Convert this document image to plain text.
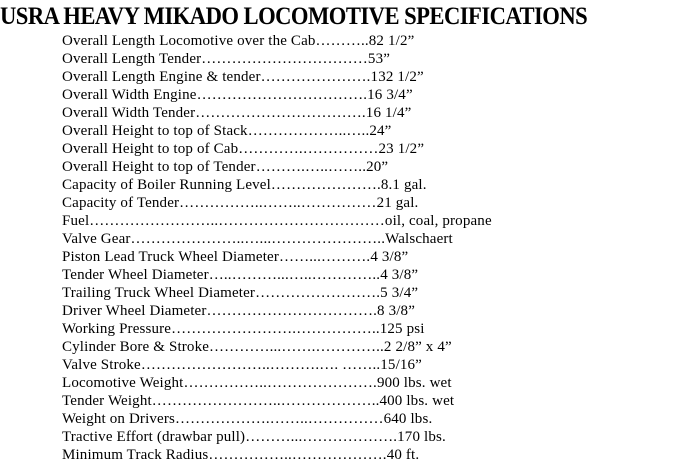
USRA HEAVY MIKADO LOCOMOTIVE SPECIFICATIONS
Overall Length Locomotive over the Cab………..82 1/2”
Overall Length Tender……………………………53”
Overall Length Engine & tender………………….132 1/2”
Overall Width Engine…………………………….16 3/4”
Overall Width Tender…………………………….16 1/4”
Overall Height to top of Stack………………..…..24”
Overall Height to top of Cab………….……………23 1/2”
Overall Height to top of Tender……….…..……..20”
Capacity of Boiler Running Level………………….8.1 gal.
Capacity of Tender……………..……..……………21 gal.
Fuel……………………..……………………………oil, coal, propane
Valve Gear…………………..…...…………………..Walschaert
Piston Lead Truck Wheel Diameter……...……….4 3/8”
Tender Wheel Diameter…..………...…..…………..4 3/8”
Trailing Truck Wheel Diameter…………………….5 3/4”
Driver Wheel Diameter…………………………….8 3/8”
Working Pressure…………………….……………..125 psi
Cylinder Bore & Stroke…………...…….…………..2 2/8” x 4”
Valve Stroke……………………..……….…. ……..15/16”
Locomotive Weight……………..………………….900 lbs. wet
Tender Weight……………………..………………..400 lbs. wet
Weight on Drivers……………….……..……………640 lbs.
Tractive Effort (drawbar pull)………...……………….170 lbs.
Minimum Track Radius……………..……………….40 ft.
